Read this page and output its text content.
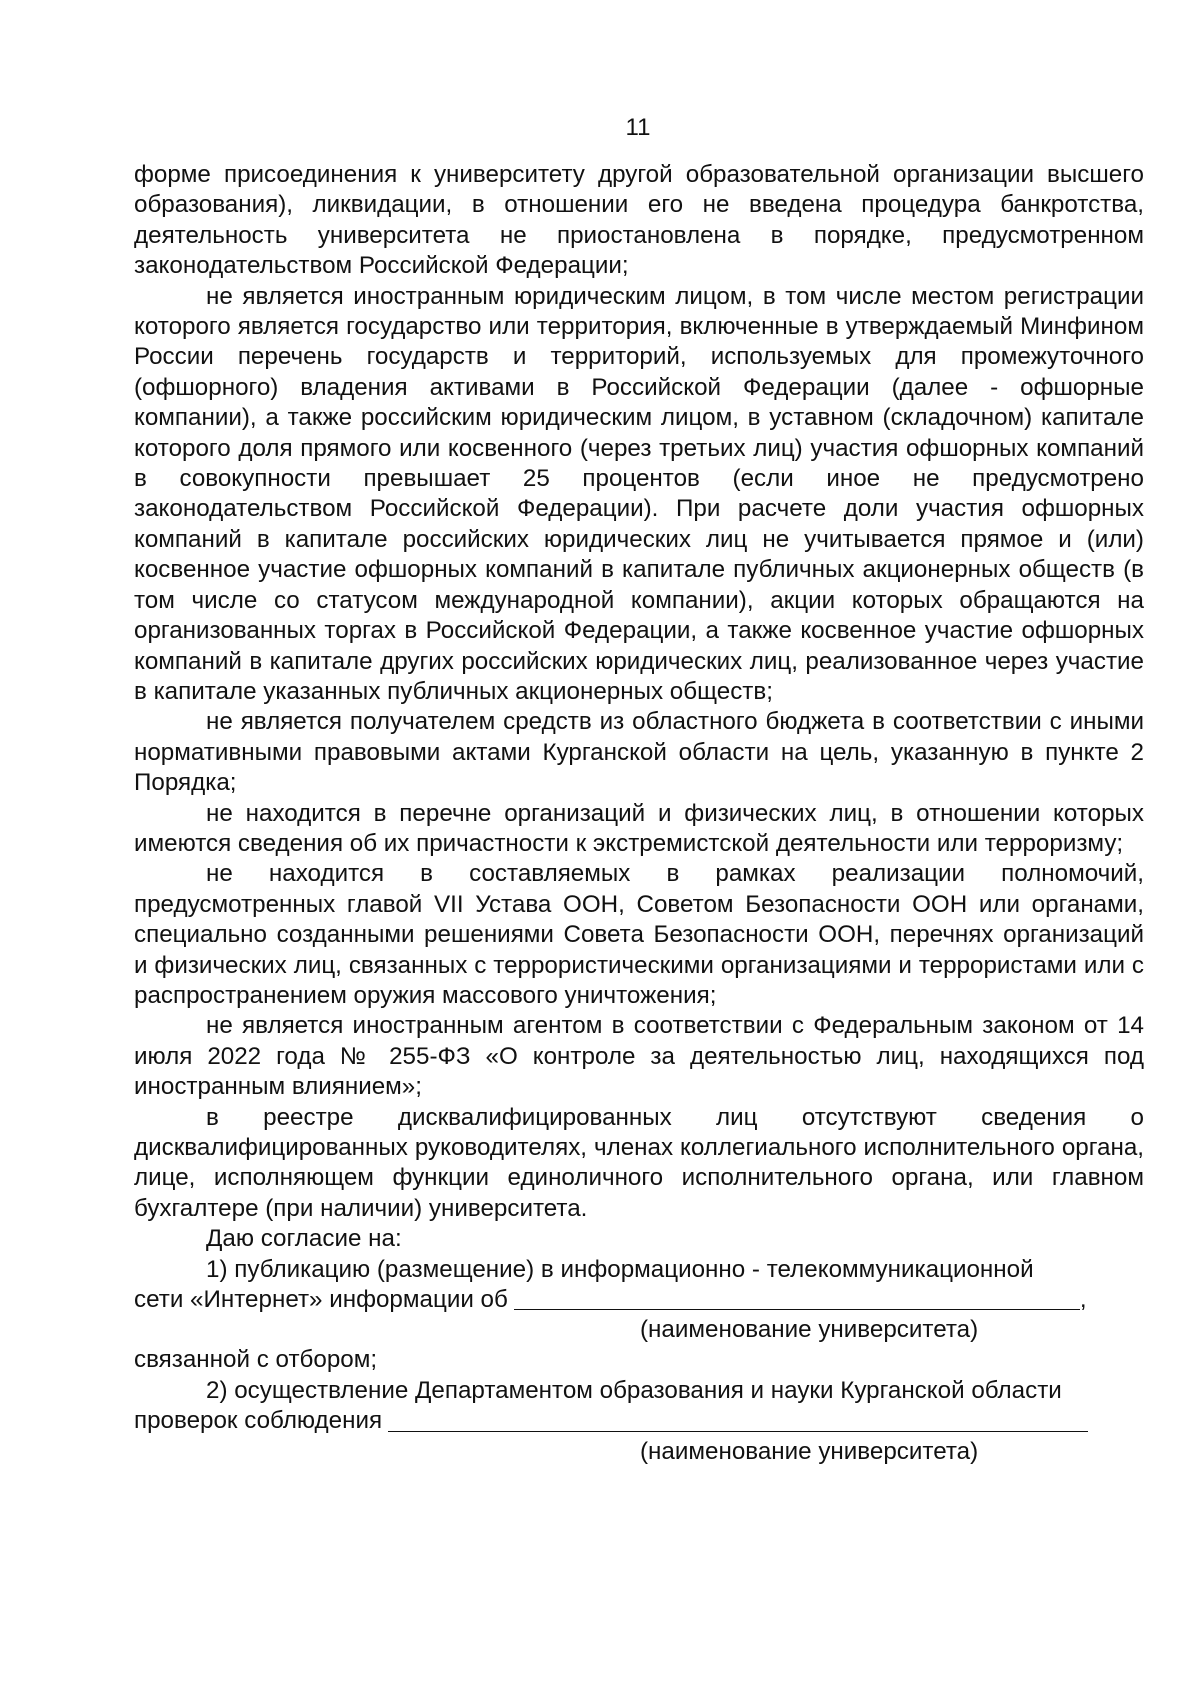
11

форме присоединения к университету другой образовательной организации высшего образования), ликвидации, в отношении его не введена процедура банкротства, деятельность университета не приостановлена в порядке, предусмотренном законодательством Российской Федерации;

не является иностранным юридическим лицом, в том числе местом регистрации которого является государство или территория, включенные в утверждаемый Минфином России перечень государств и территорий, используемых для промежуточного (офшорного) владения активами в Российской Федерации (далее - офшорные компании), а также российским юридическим лицом, в уставном (складочном) капитале которого доля прямого или косвенного (через третьих лиц) участия офшорных компаний в совокупности превышает 25 процентов (если иное не предусмотрено законодательством Российской Федерации). При расчете доли участия офшорных компаний в капитале российских юридических лиц не учитывается прямое и (или) косвенное участие офшорных компаний в капитале публичных акционерных обществ (в том числе со статусом международной компании), акции которых обращаются на организованных торгах в Российской Федерации, а также косвенное участие офшорных компаний в капитале других российских юридических лиц, реализованное через участие в капитале указанных публичных акционерных обществ;

не является получателем средств из областного бюджета в соответствии с иными нормативными правовыми актами Курганской области на цель, указанную в пункте 2 Порядка;

не находится в перечне организаций и физических лиц, в отношении которых имеются сведения об их причастности к экстремистской деятельности или терроризму;

не находится в составляемых в рамках реализации полномочий, предусмотренных главой VII Устава ООН, Советом Безопасности ООН или органами, специально созданными решениями Совета Безопасности ООН, перечнях организаций и физических лиц, связанных с террористическими организациями и террористами или с распространением оружия массового уничтожения;

не является иностранным агентом в соответствии с Федеральным законом от 14 июля 2022 года № 255-ФЗ «О контроле за деятельностью лиц, находящихся под иностранным влиянием»;

в реестре дисквалифицированных лиц отсутствуют сведения о дисквалифицированных руководителях, членах коллегиального исполнительного органа, лице, исполняющем функции единоличного исполнительного органа, или главном бухгалтере (при наличии) университета.

Даю согласие на:

1) публикацию (размещение) в информационно - телекоммуникационной

сети «Интернет» информации об	,

(наименование университета)

связанной с отбором;

2) осуществление Департаментом образования и науки Курганской области

проверок соблюдения

(наименование университета)
